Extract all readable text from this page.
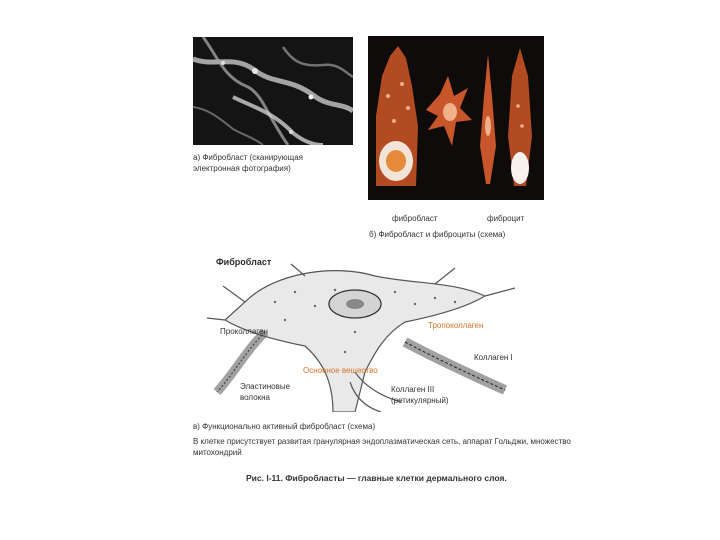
а) Фибробласт (сканирующая
электронная фотография)
фибробласт	фиброцит
б) Фибробласт и фиброциты (схема)
Фибробласт
Проколлаген
Тропоколлаген
Коллаген I
Основное вещество
Эластиновые
волокна
Коллаген III
(ретикулярный)
в) Функционально активный фибробласт (схема)
В клетке присутствует развитая гранулярная эндоплазматическая сеть, аппарат Гольджи, множество
митохондрий
Рис. I-11. Фибробласты — главные клетки дермального слоя.
